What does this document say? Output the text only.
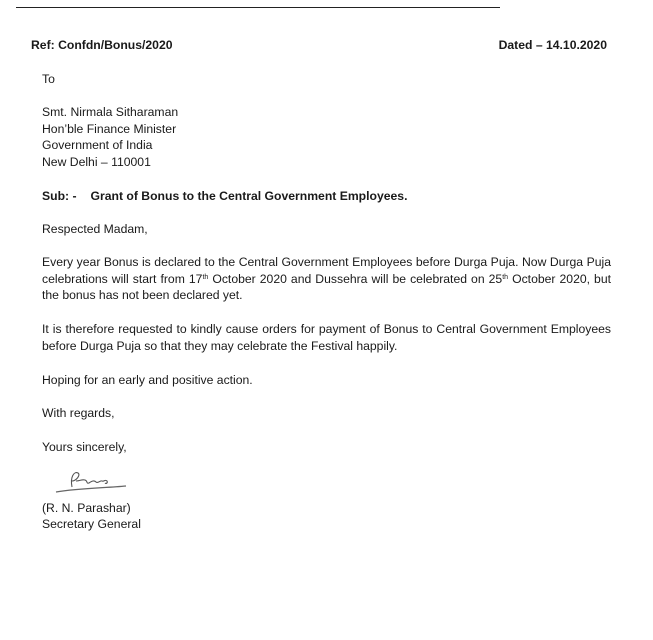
Ref: Confdn/Bonus/2020	Dated – 14.10.2020
To
Smt. Nirmala Sitharaman
Hon’ble Finance Minister
Government of India
New Delhi – 110001
Sub: - Grant of Bonus to the Central Government Employees.
Respected Madam,
Every year Bonus is declared to the Central Government Employees before Durga Puja. Now Durga Puja celebrations will start from 17th October 2020 and Dussehra will be celebrated on 25th October 2020, but the bonus has not been declared yet.
It is therefore requested to kindly cause orders for payment of Bonus to Central Government Employees before Durga Puja so that they may celebrate the Festival happily.
Hoping for an early and positive action.
With regards,
Yours sincerely,
(R. N. Parashar)
Secretary General
